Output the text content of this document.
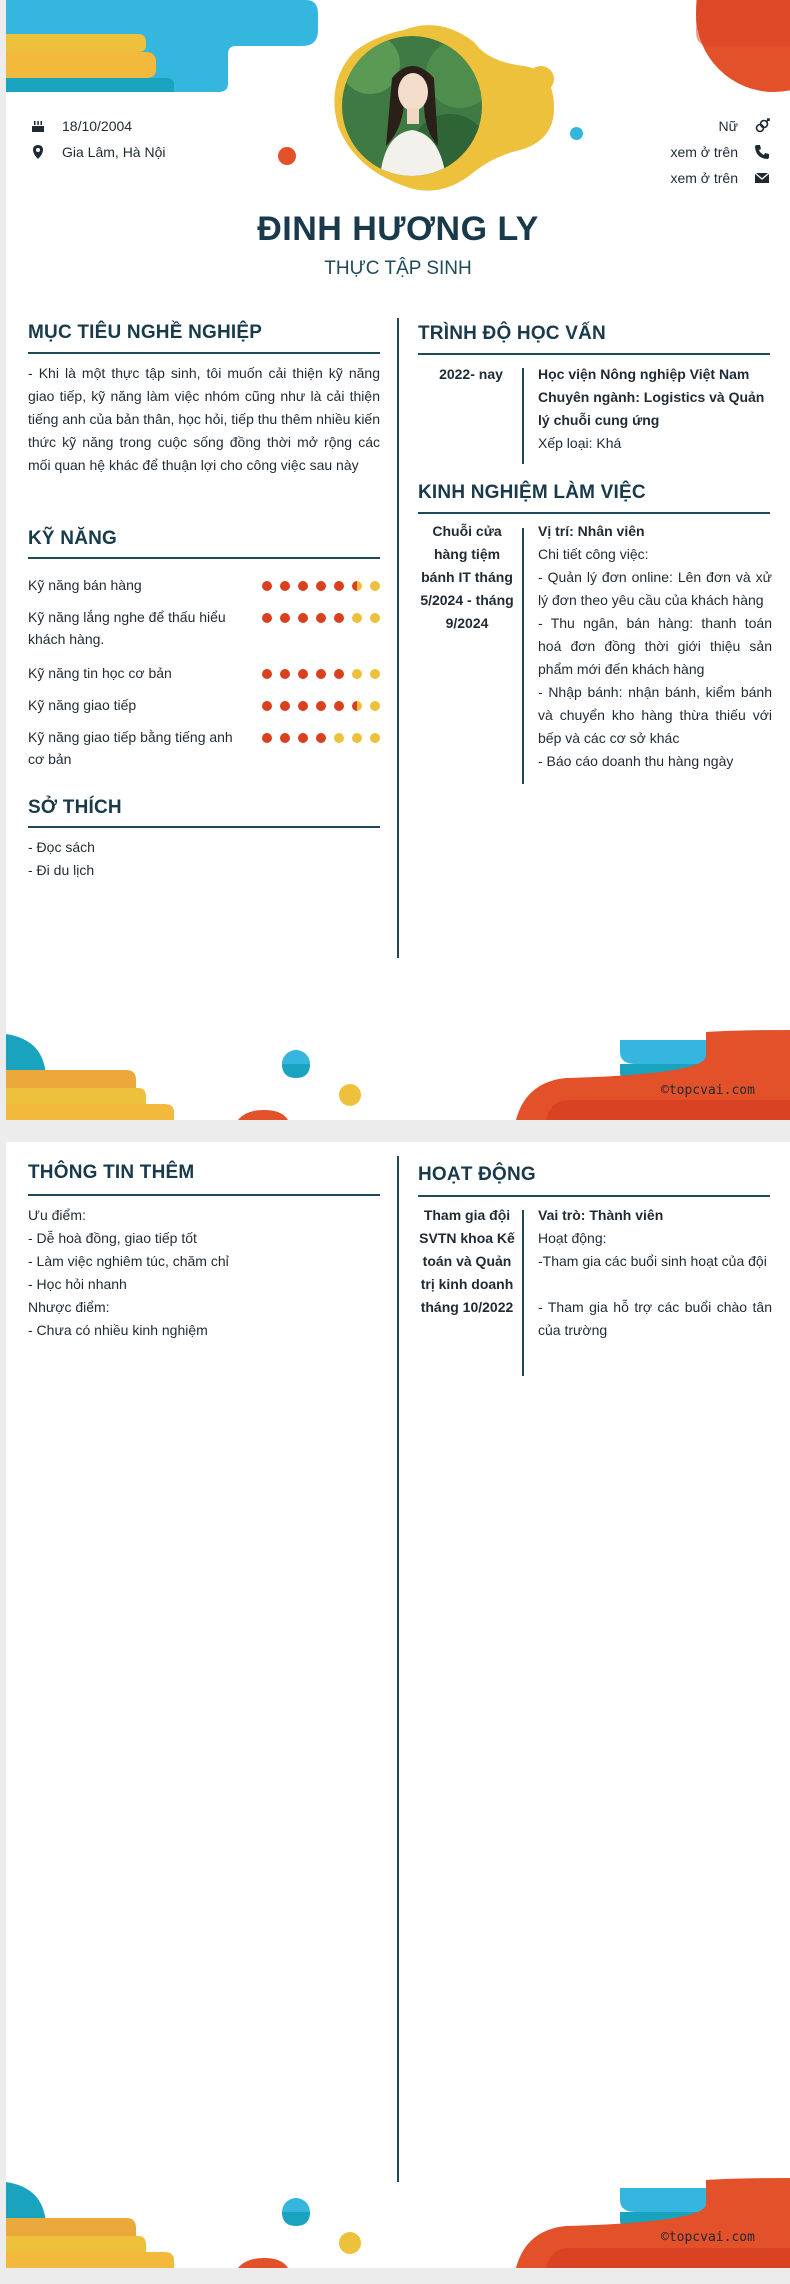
18/10/2004
Gia Lâm, Hà Nội
Nữ
xem ở trên
xem ở trên
ĐINH HƯƠNG LY
THỰC TẬP SINH
MỤC TIÊU NGHỀ NGHIỆP
- Khi là một thực tập sinh, tôi muốn cải thiện kỹ năng giao tiếp, kỹ năng làm việc nhóm cũng như là cải thiện tiếng anh của bản thân, học hỏi, tiếp thu thêm nhiều kiến thức kỹ năng trong cuộc sống đồng thời mở rộng các mối quan hệ khác để thuận lợi cho công việc sau này
KỸ NĂNG
SỞ THÍCH
- Đọc sách
- Đi du lịch
TRÌNH ĐỘ HỌC VẤN
2022- nay	Học viện Nông nghiệp Việt Nam
Chuyên ngành: Logistics và Quản lý chuỗi cung ứng
Xếp loại: Khá
KINH NGHIỆM LÀM VIỆC
Chuỗi cửa hàng tiệm bánh IT tháng 5/2024 - tháng 9/2024
Vị trí: Nhân viên
Chi tiết công việc:
- Quản lý đơn online: Lên đơn và xử lý đơn theo yêu cầu của khách hàng
- Thu ngân, bán hàng: thanh toán hoá đơn đồng thời giới thiệu sản phẩm mới đến khách hàng
- Nhập bánh: nhận bánh, kiểm bánh và chuyển kho hàng thừa thiếu với bếp và các cơ sở khác
- Báo cáo doanh thu hàng ngày
©topcvai.com
Kỹ năng bán hàng
Kỹ năng lắng nghe để thấu hiểu khách hàng.
Kỹ năng tin học cơ bản
Kỹ năng giao tiếp
Kỹ năng giao tiếp bằng tiếng anh cơ bản
THÔNG TIN THÊM
Ưu điểm:
- Dễ hoà đồng, giao tiếp tốt
- Làm việc nghiêm túc, chăm chỉ
- Học hỏi nhanh
Nhược điểm:
- Chưa có nhiều kinh nghiệm
HOẠT ĐỘNG
Tham gia đội SVTN khoa Kế toán và Quản trị kinh doanh tháng 10/2022
Vai trò: Thành viên
Hoạt động:
-Tham gia các buổi sinh hoạt của đội
- Tham gia hỗ trợ các buổi chào tân của trường
©topcvai.com
